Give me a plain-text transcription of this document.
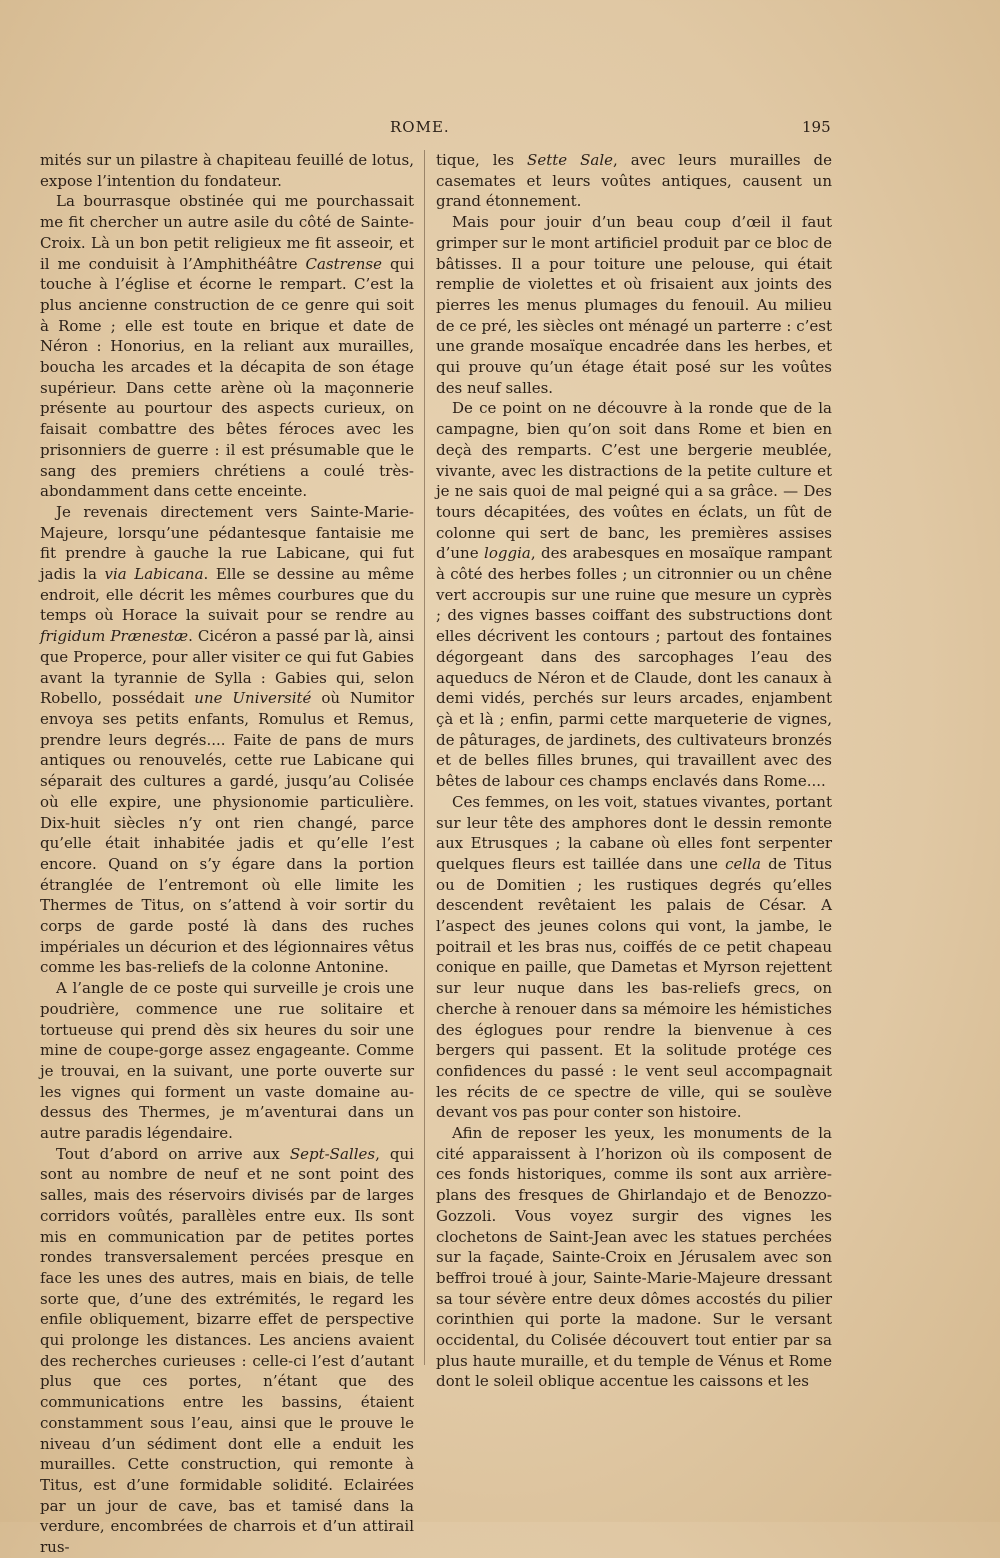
ROME.	195

mités sur un pilastre à chapiteau feuillé de lotus, expose l’intention du fondateur.

La bourrasque obstinée qui me pourchassait me fit chercher un autre asile du côté de Sainte-Croix. Là un bon petit religieux me fit asseoir, et il me conduisit à l’Amphithéâtre Castrense qui touche à l’église et écorne le rempart. C’est la plus ancienne construction de ce genre qui soit à Rome ; elle est toute en brique et date de Néron : Honorius, en la reliant aux murailles, boucha les arcades et la décapita de son étage supérieur. Dans cette arène où la maçonnerie présente au pourtour des aspects curieux, on faisait combattre des bêtes féroces avec les prisonniers de guerre : il est présumable que le sang des premiers chrétiens a coulé très-abondamment dans cette enceinte.

Je revenais directement vers Sainte-Marie-Majeure, lorsqu’une pédantesque fantaisie me fit prendre à gauche la rue Labicane, qui fut jadis la via Labicana. Elle se dessine au même endroit, elle décrit les mêmes courbures que du temps où Horace la suivait pour se rendre au frigidum Prænestæ. Cicéron a passé par là, ainsi que Properce, pour aller visiter ce qui fut Gabies avant la tyrannie de Sylla : Gabies qui, selon Robello, possédait une Université où Numitor envoya ses petits enfants, Romulus et Remus, prendre leurs degrés.... Faite de pans de murs antiques ou renouvelés, cette rue Labicane qui séparait des cultures a gardé, jusqu’au Colisée où elle expire, une physionomie particulière. Dix-huit siècles n’y ont rien changé, parce qu’elle était inhabitée jadis et qu’elle l’est encore. Quand on s’y égare dans la portion étranglée de l’entremont où elle limite les Thermes de Titus, on s’attend à voir sortir du corps de garde posté là dans des ruches impériales un décurion et des légionnaires vêtus comme les bas-reliefs de la colonne Antonine.

A l’angle de ce poste qui surveille je crois une poudrière, commence une rue solitaire et tortueuse qui prend dès six heures du soir une mine de coupe-gorge assez engageante. Comme je trouvai, en la suivant, une porte ouverte sur les vignes qui forment un vaste domaine au-dessus des Thermes, je m’aventurai dans un autre paradis légendaire.

Tout d’abord on arrive aux Sept-Salles, qui sont au nombre de neuf et ne sont point des salles, mais des réservoirs divisés par de larges corridors voûtés, parallèles entre eux. Ils sont mis en communication par de petites portes rondes transversalement percées presque en face les unes des autres, mais en biais, de telle sorte que, d’une des extrémités, le regard les enfile obliquement, bizarre effet de perspective qui prolonge les distances. Les anciens avaient des recherches curieuses : celle-ci l’est d’autant plus que ces portes, n’étant que des communications entre les bassins, étaient constamment sous l’eau, ainsi que le prouve le niveau d’un sédiment dont elle a enduit les murailles. Cette construction, qui remonte à Titus, est d’une formidable solidité. Eclairées par un jour de cave, bas et tamisé dans la verdure, encombrées de charrois et d’un attirail rus-

tique, les Sette Sale, avec leurs murailles de casemates et leurs voûtes antiques, causent un grand étonnement.

Mais pour jouir d’un beau coup d’œil il faut grimper sur le mont artificiel produit par ce bloc de bâtisses. Il a pour toiture une pelouse, qui était remplie de violettes et où frisaient aux joints des pierres les menus plumages du fenouil. Au milieu de ce pré, les siècles ont ménagé un parterre : c’est une grande mosaïque encadrée dans les herbes, et qui prouve qu’un étage était posé sur les voûtes des neuf salles.

De ce point on ne découvre à la ronde que de la campagne, bien qu’on soit dans Rome et bien en deçà des remparts. C’est une bergerie meublée, vivante, avec les distractions de la petite culture et je ne sais quoi de mal peigné qui a sa grâce. — Des tours décapitées, des voûtes en éclats, un fût de colonne qui sert de banc, les premières assises d’une loggia, des arabesques en mosaïque rampant à côté des herbes folles ; un citronnier ou un chêne vert accroupis sur une ruine que mesure un cyprès ; des vignes basses coiffant des substructions dont elles décrivent les contours ; partout des fontaines dégorgeant dans des sarcophages l’eau des aqueducs de Néron et de Claude, dont les canaux à demi vidés, perchés sur leurs arcades, enjambent çà et là ; enfin, parmi cette marqueterie de vignes, de pâturages, de jardinets, des cultivateurs bronzés et de belles filles brunes, qui travaillent avec des bêtes de labour ces champs enclavés dans Rome....

Ces femmes, on les voit, statues vivantes, portant sur leur tête des amphores dont le dessin remonte aux Etrusques ; la cabane où elles font serpenter quelques fleurs est taillée dans une cella de Titus ou de Domitien ; les rustiques degrés qu’elles descendent revêtaient les palais de César. A l’aspect des jeunes colons qui vont, la jambe, le poitrail et les bras nus, coiffés de ce petit chapeau conique en paille, que Dametas et Myrson rejettent sur leur nuque dans les bas-reliefs grecs, on cherche à renouer dans sa mémoire les hémistiches des églogues pour rendre la bienvenue à ces bergers qui passent. Et la solitude protége ces confidences du passé : le vent seul accompagnait les récits de ce spectre de ville, qui se soulève devant vos pas pour conter son histoire.

Afin de reposer les yeux, les monuments de la cité apparaissent à l’horizon où ils composent de ces fonds historiques, comme ils sont aux arrière-plans des fresques de Ghirlandajo et de Benozzo-Gozzoli. Vous voyez surgir des vignes les clochetons de Saint-Jean avec les statues perchées sur la façade, Sainte-Croix en Jérusalem avec son beffroi troué à jour, Sainte-Marie-Majeure dressant sa tour sévère entre deux dômes accostés du pilier corinthien qui porte la madone. Sur le versant occidental, du Colisée découvert tout entier par sa plus haute muraille, et du temple de Vénus et Rome dont le soleil oblique accentue les caissons et les
